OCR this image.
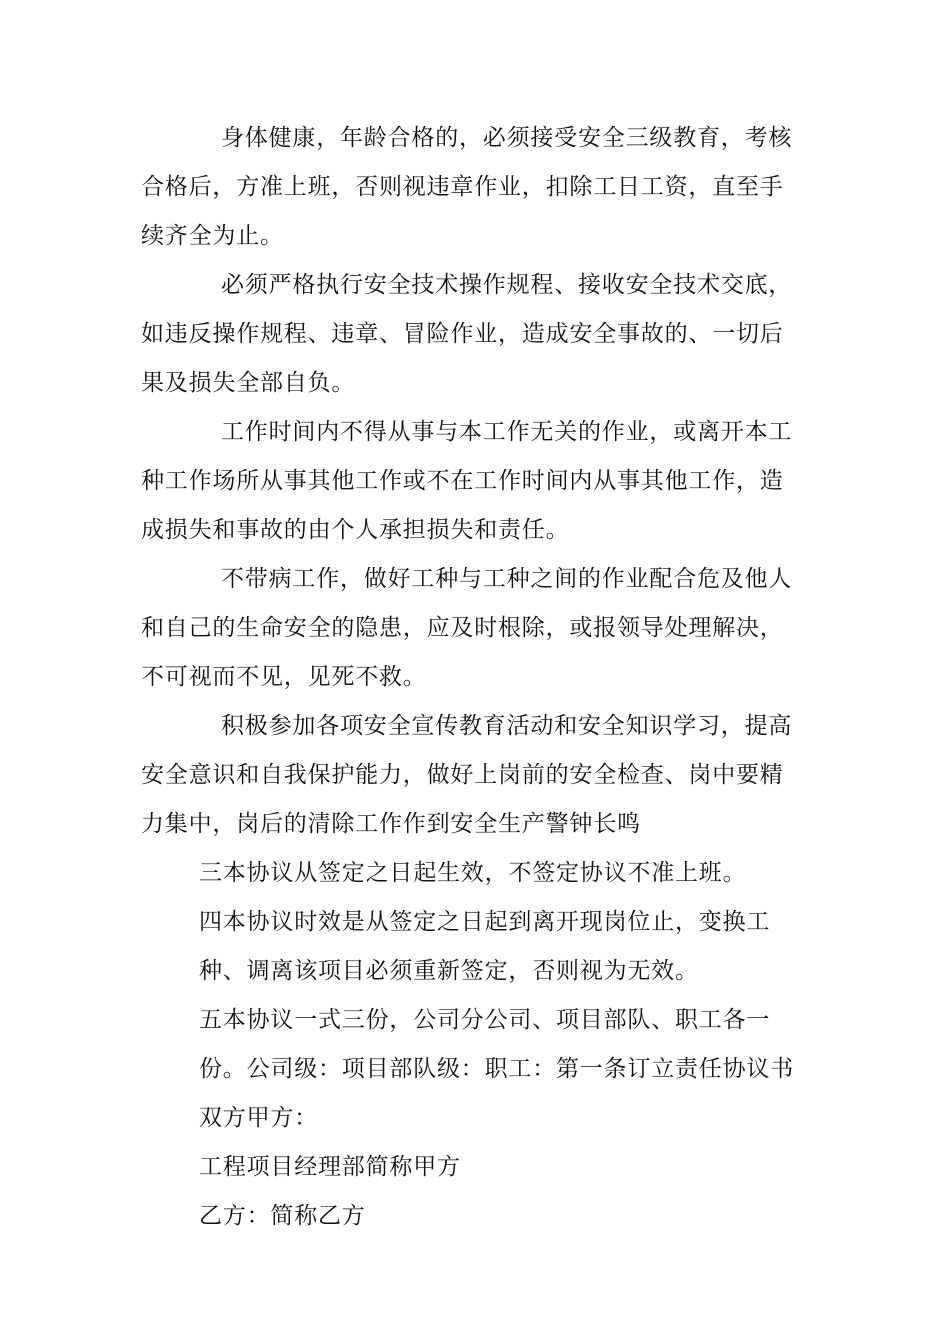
身体健康，年龄合格的，必须接受安全三级教育，考核合格后，方准上班，否则视违章作业，扣除工日工资，直至手续齐全为止。

必须严格执行安全技术操作规程、接收安全技术交底，如违反操作规程、违章、冒险作业，造成安全事故的、一切后果及损失全部自负。

工作时间内不得从事与本工作无关的作业，或离开本工种工作场所从事其他工作或不在工作时间内从事其他工作，造成损失和事故的由个人承担损失和责任。

不带病工作，做好工种与工种之间的作业配合危及他人和自己的生命安全的隐患，应及时根除，或报领导处理解决，不可视而不见，见死不救。

积极参加各项安全宣传教育活动和安全知识学习，提高安全意识和自我保护能力，做好上岗前的安全检查、岗中要精力集中，岗后的清除工作作到安全生产警钟长鸣

三本协议从签定之日起生效，不签定协议不准上班。

四本协议时效是从签定之日起到离开现岗位止，变换工种、调离该项目必须重新签定，否则视为无效。

五本协议一式三份，公司分公司、项目部队、职工各一份。公司级：项目部队级：职工：第一条订立责任协议书双方甲方：

工程项目经理部简称甲方

乙方：简称乙方
